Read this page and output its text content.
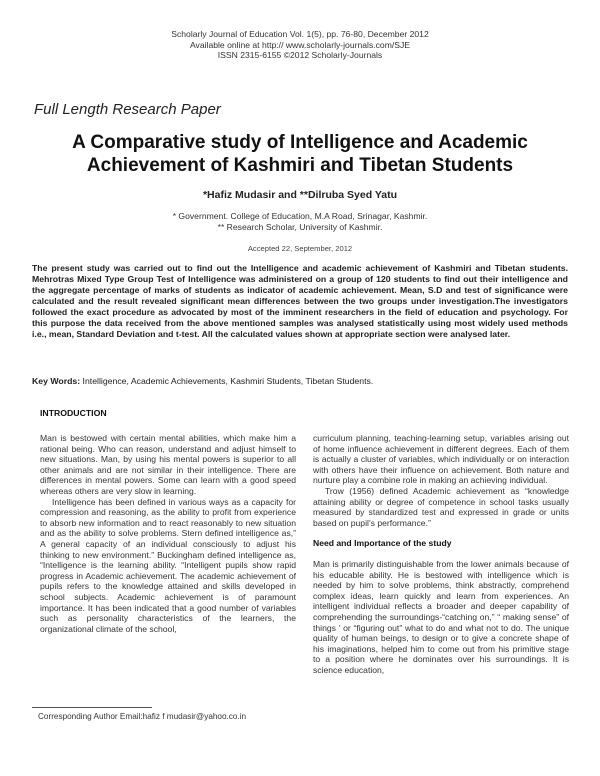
Scholarly Journal of Education Vol. 1(5), pp. 76-80, December 2012
Available online at http:// www.scholarly-journals.com/SJE
ISSN 2315-6155 ©2012 Scholarly-Journals
Full Length Research Paper
A Comparative study of Intelligence and Academic
Achievement of Kashmiri and Tibetan Students
*Hafiz Mudasir and **Dilruba Syed Yatu
* Government. College of Education, M.A Road, Srinagar, Kashmir.
** Research Scholar, University of Kashmir.
Accepted 22, September, 2012
The present study was carried out to find out the Intelligence and academic achievement of Kashmiri and Tibetan students. Mehrotras Mixed Type Group Test of Intelligence was administered on a group of 120 students to find out their intelligence and the aggregate percentage of marks of students as indicator of academic achievement. Mean, S.D and test of significance were calculated and the result revealed significant mean differences between the two groups under investigation.The investigators followed the exact procedure as advocated by most of the imminent researchers in the field of education and psychology. For this purpose the data received from the above mentioned samples was analysed statistically using most widely used methods i.e., mean, Standard Deviation and t-test. All the calculated values shown at appropriate section were analysed later.
Key Words: Intelligence, Academic Achievements, Kashmiri Students, Tibetan Students.
INTRODUCTION

Man is bestowed with certain mental abilities, which make him a rational being. Who can reason, understand and adjust himself to new situations. Man, by using his mental powers is superior to all other animals and are not similar in their intelligence. There are differences in mental powers. Some can learn with a good speed whereas others are very slow in learning.

Intelligence has been defined in various ways as a capacity for compression and reasoning, as the ability to profit from experience to absorb new information and to react reasonably to new situation and as the ability to solve problems. Stern defined intelligence as,” A general capacity of an individual consciously to adjust his thinking to new environment.” Buckingham defined intelligence as, “Intelligence is the learning ability. “Intelligent pupils show rapid progress in Academic achievement. The academic achievement of pupils refers to the knowledge attained and skills developed in school subjects. Academic achievement is of paramount importance. It has been indicated that a good number of variables such as personality characteristics of the learners, the organizational climate of the school,

curriculum planning, teaching-learning setup, variables arising out of home influence achievement in different degrees. Each of them is actually a cluster of variables, which individually or on interaction with others have their influence on achievement. Both nature and nurture play a combine role in making an achieving individual.

Trow (1956) defined Academic achievement as “knowledge attaining ability or degree of competence in school tasks usually measured by standardized test and expressed in grade or units based on pupil’s performance.”

Need and Importance of the study

Man is primarily distinguishable from the lower animals because of his educable ability. He is bestowed with intelligence which is needed by him to solve problems, think abstractly, comprehend complex ideas, learn quickly and learn from experiences. An intelligent individual reflects a broader and deeper capability of comprehending the surroundings-“catching on,” “ making sense” of things ’ or “figuring out” what to do and what not to do. The unique quality of human beings, to design or to give a concrete shape of his imaginations, helped him to come out from his primitive stage to a position where he dominates over his surroundings. It is science education,

Corresponding Author Email:hafiz f mudasir@yahoo.co.in
